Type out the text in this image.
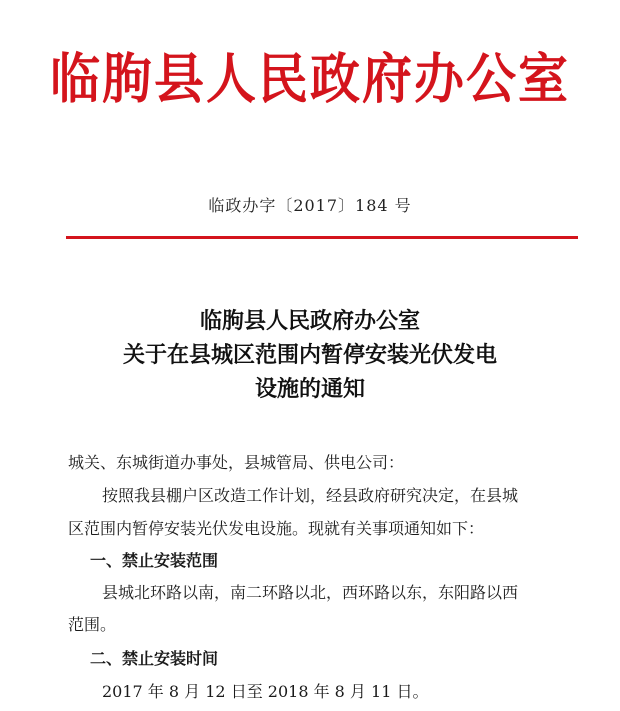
临朐县人民政府办公室
临政办字〔2017〕184 号
临朐县人民政府办公室
关于在县城区范围内暂停安装光伏发电
设施的通知
城关、东城街道办事处，县城管局、供电公司：
按照我县棚户区改造工作计划，经县政府研究决定，在县城
区范围内暂停安装光伏发电设施。现就有关事项通知如下：
一、禁止安装范围
县城北环路以南，南二环路以北，西环路以东，东阳路以西
范围。
二、禁止安装时间
2017 年 8 月 12 日至 2018 年 8 月 11 日。
